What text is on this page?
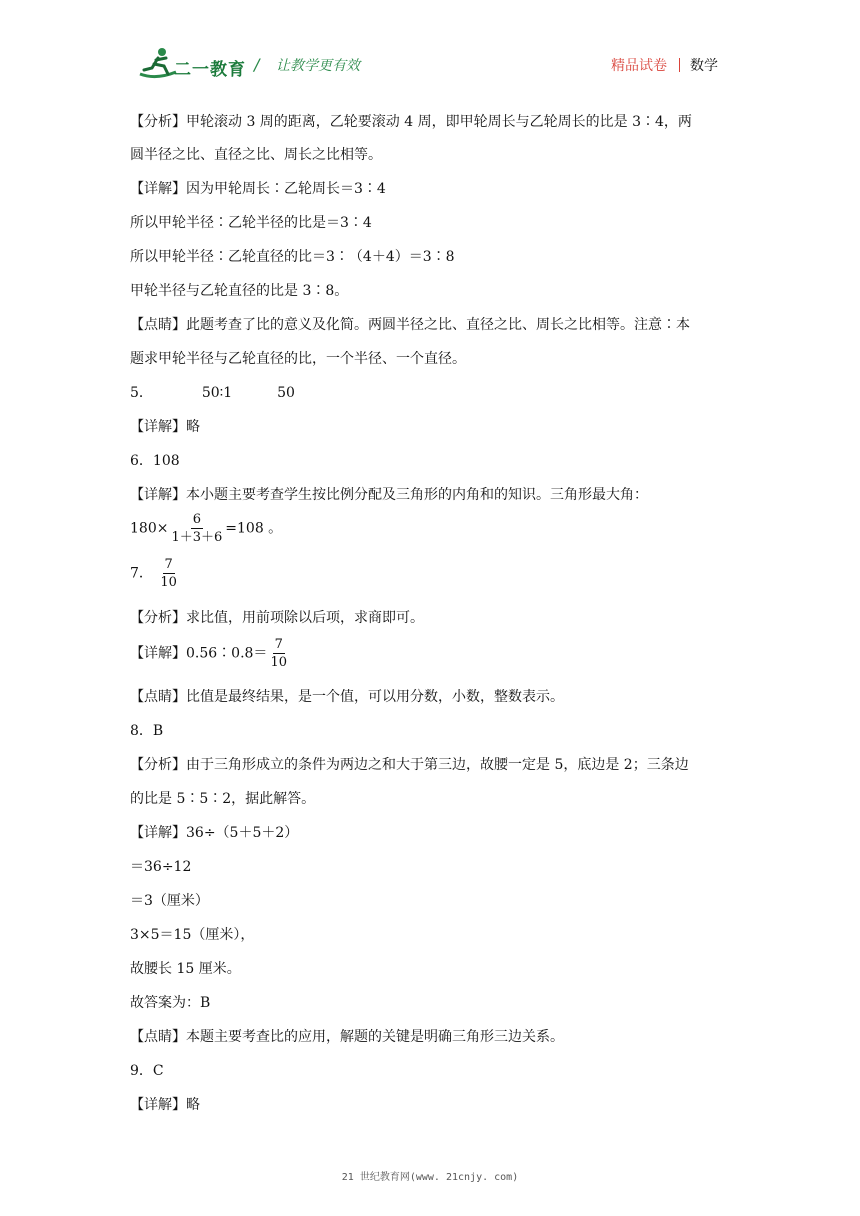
二一教育 / 让教学更有效	精品试卷 数学
【分析】甲轮滚动 3 周的距离，乙轮要滚动 4 周，即甲轮周长与乙轮周长的比是 3∶4，两
圆半径之比、直径之比、周长之比相等。
【详解】因为甲轮周长∶乙轮周长＝3∶4
所以甲轮半径∶乙轮半径的比是＝3∶4
所以甲轮半径∶乙轮直径的比＝3∶（4＋4）＝3∶8
甲轮半径与乙轮直径的比是 3∶8。
【点睛】此题考查了比的意义及化简。两圆半径之比、直径之比、周长之比相等。注意∶本
题求甲轮半径与乙轮直径的比，一个半径、一个直径。
5．	50∶1	50
【详解】略
6．108
【详解】本小题主要考查学生按比例分配及三角形的内角和的知识。三角形最大角：
$180\times \frac{6}{1+3+6} =108$ 。
7． $\frac{7}{10}$
【分析】求比值，用前项除以后项，求商即可。
【详解】0.56∶0.8＝ $\frac{7}{10}$
【点睛】比值是最终结果，是一个值，可以用分数，小数，整数表示。
8．B
【分析】由于三角形成立的条件为两边之和大于第三边，故腰一定是 5，底边是 2；三条边
的比是 5∶5∶2，据此解答。
【详解】36÷（5＋5＋2）
＝36÷12
＝3（厘米）
3×5＝15（厘米），
故腰长 15 厘米。
故答案为：B
【点睛】本题主要考查比的应用，解题的关键是明确三角形三边关系。
9．C
【详解】略
21 世纪教育网(www. 21cnjy. com)
